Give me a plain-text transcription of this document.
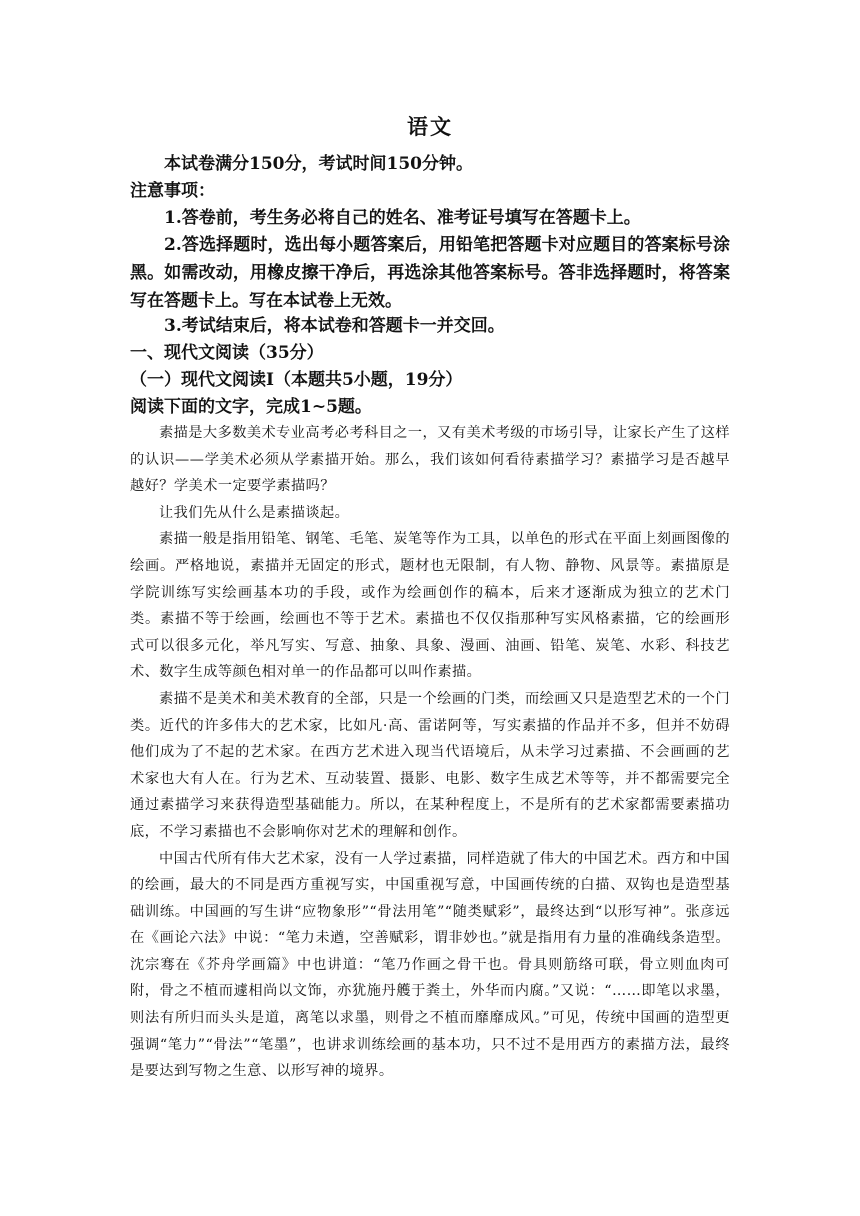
语文
本试卷满分150分，考试时间150分钟。
注意事项：
1.答卷前，考生务必将自己的姓名、准考证号填写在答题卡上。
2.答选择题时，选出每小题答案后，用铅笔把答题卡对应题目的答案标号涂黑。如需改动，用橡皮擦干净后，再选涂其他答案标号。答非选择题时，将答案写在答题卡上。写在本试卷上无效。
3.考试结束后，将本试卷和答题卡一并交回。
一、现代文阅读（35分）
（一）现代文阅读Ⅰ（本题共5小题，19分）
阅读下面的文字，完成1~5题。

素描是大多数美术专业高考必考科目之一，又有美术考级的市场引导，让家长产生了这样的认识——学美术必须从学素描开始。那么，我们该如何看待素描学习？素描学习是否越早越好？学美术一定要学素描吗？

让我们先从什么是素描谈起。

素描一般是指用铅笔、钢笔、毛笔、炭笔等作为工具，以单色的形式在平面上刻画图像的绘画。严格地说，素描并无固定的形式，题材也无限制，有人物、静物、风景等。素描原是学院训练写实绘画基本功的手段，或作为绘画创作的稿本，后来才逐渐成为独立的艺术门类。素描不等于绘画，绘画也不等于艺术。素描也不仅仅指那种写实风格素描，它的绘画形式可以很多元化，举凡写实、写意、抽象、具象、漫画、油画、铅笔、炭笔、水彩、科技艺术、数字生成等颜色相对单一的作品都可以叫作素描。

素描不是美术和美术教育的全部，只是一个绘画的门类，而绘画又只是造型艺术的一个门类。近代的许多伟大的艺术家，比如凡·高、雷诺阿等，写实素描的作品并不多，但并不妨碍他们成为了不起的艺术家。在西方艺术进入现当代语境后，从未学习过素描、不会画画的艺术家也大有人在。行为艺术、互动装置、摄影、电影、数字生成艺术等等，并不都需要完全通过素描学习来获得造型基础能力。所以，在某种程度上，不是所有的艺术家都需要素描功底，不学习素描也不会影响你对艺术的理解和创作。

中国古代所有伟大艺术家，没有一人学过素描，同样造就了伟大的中国艺术。西方和中国的绘画，最大的不同是西方重视写实，中国重视写意，中国画传统的白描、双钩也是造型基础训练。中国画的写生讲“应物象形”“骨法用笔”“随类赋彩”，最终达到“以形写神”。张彦远在《画论六法》中说：“笔力未遒，空善赋彩，谓非妙也。”就是指用有力量的准确线条造型。沈宗骞在《芥舟学画篇》中也讲道：“笔乃作画之骨干也。骨具则筋络可联，骨立则血肉可附，骨之不植而遽相尚以文饰，亦犹施丹艧于粪土，外华而内腐。”又说：“……即笔以求墨，则法有所归而头头是道，离笔以求墨，则骨之不植而靡靡成风。”可见，传统中国画的造型更强调“笔力”“骨法”“笔墨”，也讲求训练绘画的基本功，只不过不是用西方的素描方法，最终是要达到写物之生意、以形写神的境界。
